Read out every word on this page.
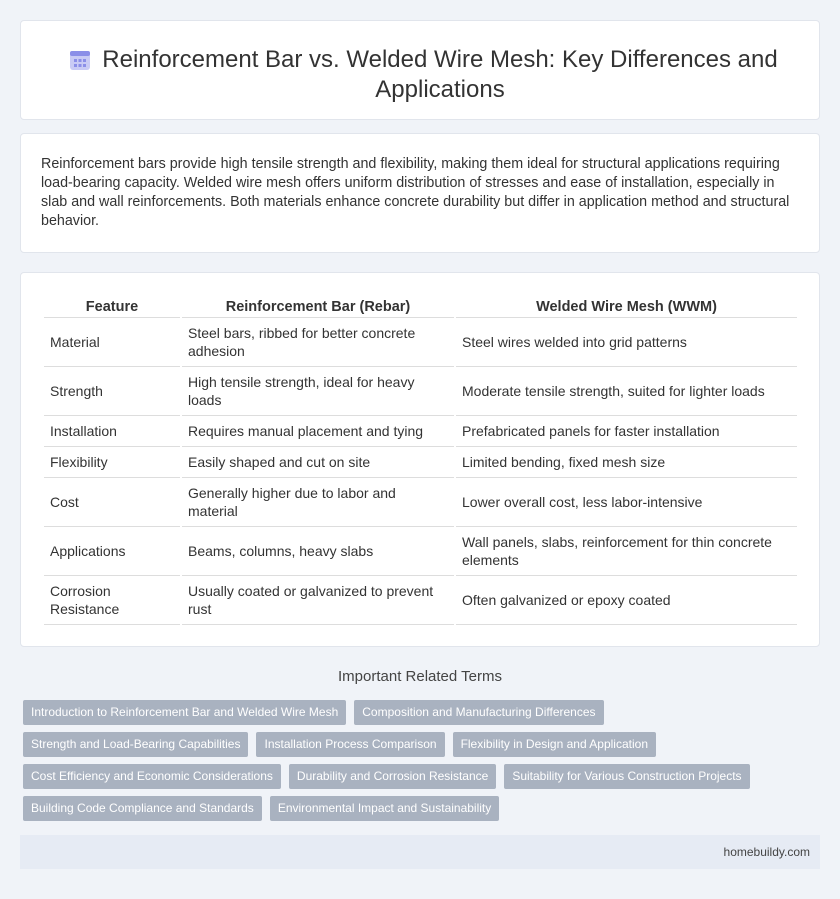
Reinforcement Bar vs. Welded Wire Mesh: Key Differences and Applications

Reinforcement bars provide high tensile strength and flexibility, making them ideal for structural applications requiring load-bearing capacity. Welded wire mesh offers uniform distribution of stresses and ease of installation, especially in slab and wall reinforcements. Both materials enhance concrete durability but differ in application method and structural behavior.

Feature	Reinforcement Bar (Rebar)	Welded Wire Mesh (WWM)
Material	Steel bars, ribbed for better concrete adhesion	Steel wires welded into grid patterns
Strength	High tensile strength, ideal for heavy loads	Moderate tensile strength, suited for lighter loads
Installation	Requires manual placement and tying	Prefabricated panels for faster installation
Flexibility	Easily shaped and cut on site	Limited bending, fixed mesh size
Cost	Generally higher due to labor and material	Lower overall cost, less labor-intensive
Applications	Beams, columns, heavy slabs	Wall panels, slabs, reinforcement for thin concrete elements
Corrosion Resistance	Usually coated or galvanized to prevent rust	Often galvanized or epoxy coated
Important Related Terms
Introduction to Reinforcement Bar and Welded Wire Mesh	Composition and Manufacturing Differences
Strength and Load-Bearing Capabilities	Installation Process Comparison	Flexibility in Design and Application
Cost Efficiency and Economic Considerations	Durability and Corrosion Resistance	Suitability for Various Construction Projects
Building Code Compliance and Standards	Environmental Impact and Sustainability
homebuildy.com
